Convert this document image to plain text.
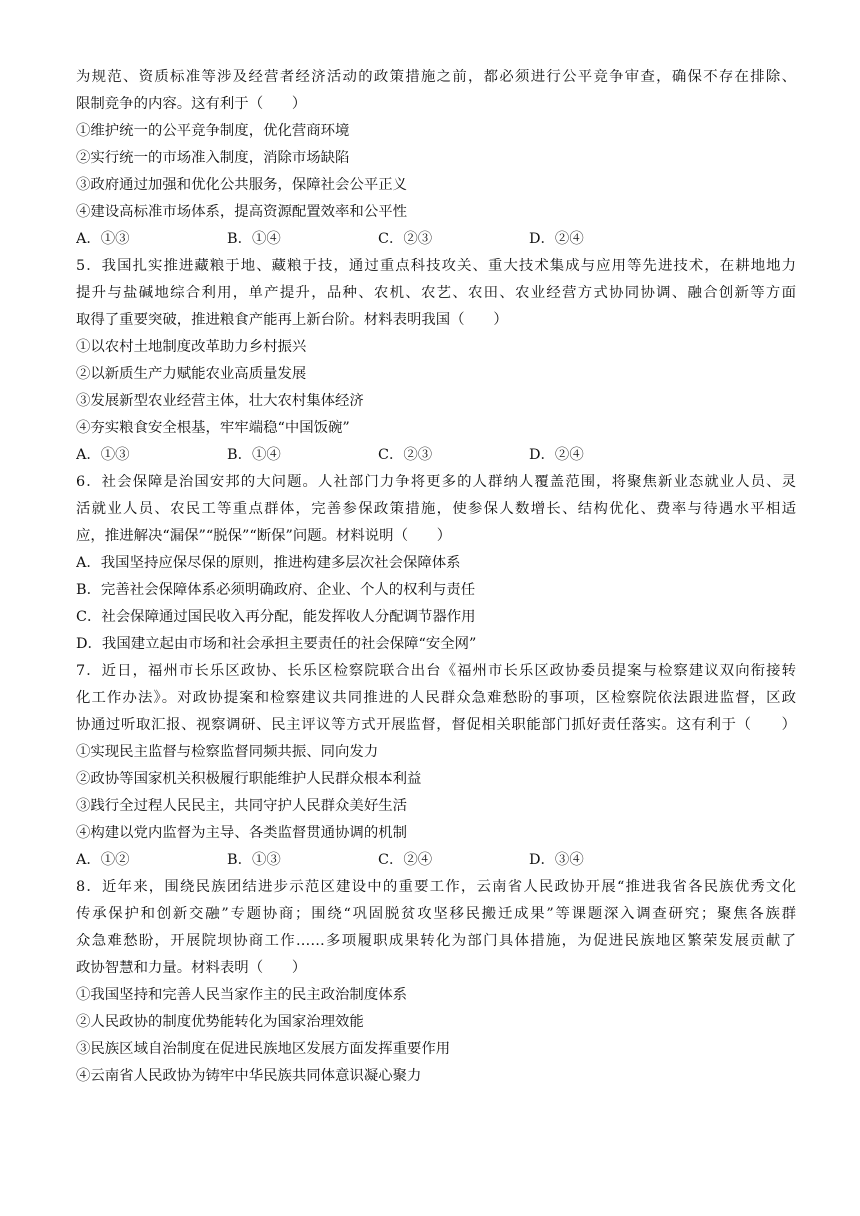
为规范、资质标准等涉及经营者经济活动的政策措施之前，都必须进行公平竞争审查，确保不存在排除、
限制竞争的内容。这有利于（　　）
①维护统一的公平竞争制度，优化营商环境
②实行统一的市场准入制度，消除市场缺陷
③政府通过加强和优化公共服务，保障社会公平正义
④建设高标准市场体系，提高资源配置效率和公平性
A．①③	B．①④	C．②③	D．②④
5．我国扎实推进藏粮于地、藏粮于技，通过重点科技攻关、重大技术集成与应用等先进技术，在耕地地力
提升与盐碱地综合利用，单产提升，品种、农机、农艺、农田、农业经营方式协同协调、融合创新等方面
取得了重要突破，推进粮食产能再上新台阶。材料表明我国（　　）
①以农村土地制度改革助力乡村振兴
②以新质生产力赋能农业高质量发展
③发展新型农业经营主体，壮大农村集体经济
④夯实粮食安全根基，牢牢端稳“中国饭碗”
A．①③	B．①④	C．②③	D．②④
6．社会保障是治国安邦的大问题。人社部门力争将更多的人群纳人覆盖范围，将聚焦新业态就业人员、灵
活就业人员、农民工等重点群体，完善参保政策措施，使参保人数增长、结构优化、费率与待遇水平相适
应，推进解决“漏保”“脱保”“断保”问题。材料说明（　　）
A．我国坚持应保尽保的原则，推进构建多层次社会保障体系
B．完善社会保障体系必须明确政府、企业、个人的权利与责任
C．社会保障通过国民收入再分配，能发挥收人分配调节器作用
D．我国建立起由市场和社会承担主要责任的社会保障“安全网”
7．近日，福州市长乐区政协、长乐区检察院联合出台《福州市长乐区政协委员提案与检察建议双向衔接转
化工作办法》。对政协提案和检察建议共同推进的人民群众急难愁盼的事项，区检察院依法跟进监督，区政
协通过听取汇报、视察调研、民主评议等方式开展监督，督促相关职能部门抓好责任落实。这有利于（　　）
①实现民主监督与检察监督同频共振、同向发力
②政协等国家机关积极履行职能维护人民群众根本利益
③践行全过程人民民主，共同守护人民群众美好生活
④构建以党内监督为主导、各类监督贯通协调的机制
A．①②	B．①③	C．②④	D．③④
8．近年来，围绕民族团结进步示范区建设中的重要工作，云南省人民政协开展“推进我省各民族优秀文化
传承保护和创新交融”专题协商；围绕“巩固脱贫攻坚移民搬迁成果”等课题深入调查研究；聚焦各族群
众急难愁盼，开展院坝协商工作……多项履职成果转化为部门具体措施，为促进民族地区繁荣发展贡献了
政协智慧和力量。材料表明（　　）
①我国坚持和完善人民当家作主的民主政治制度体系
②人民政协的制度优势能转化为国家治理效能
③民族区域自治制度在促进民族地区发展方面发挥重要作用
④云南省人民政协为铸牢中华民族共同体意识凝心聚力
